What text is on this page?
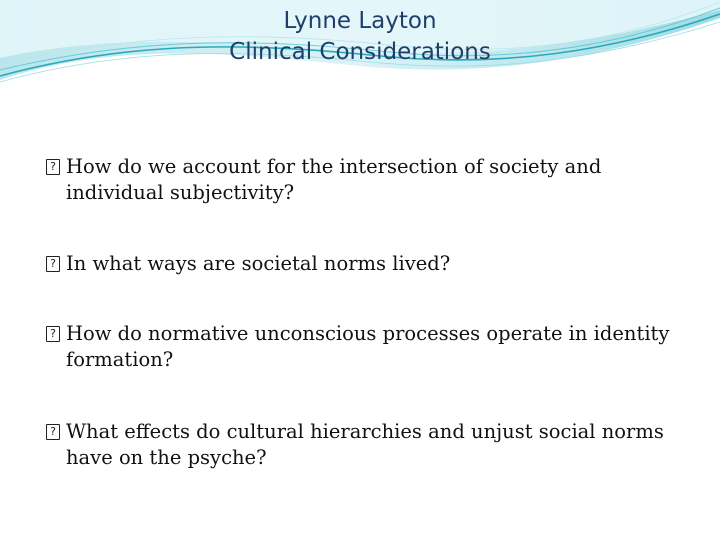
Lynne Layton
Clinical Considerations
?
How do we account for the intersection of society and individual subjectivity?
?
In what ways are societal norms lived?
?
How do normative unconscious processes operate in identity formation?
?
What effects do cultural hierarchies and unjust social norms have on the psyche?
